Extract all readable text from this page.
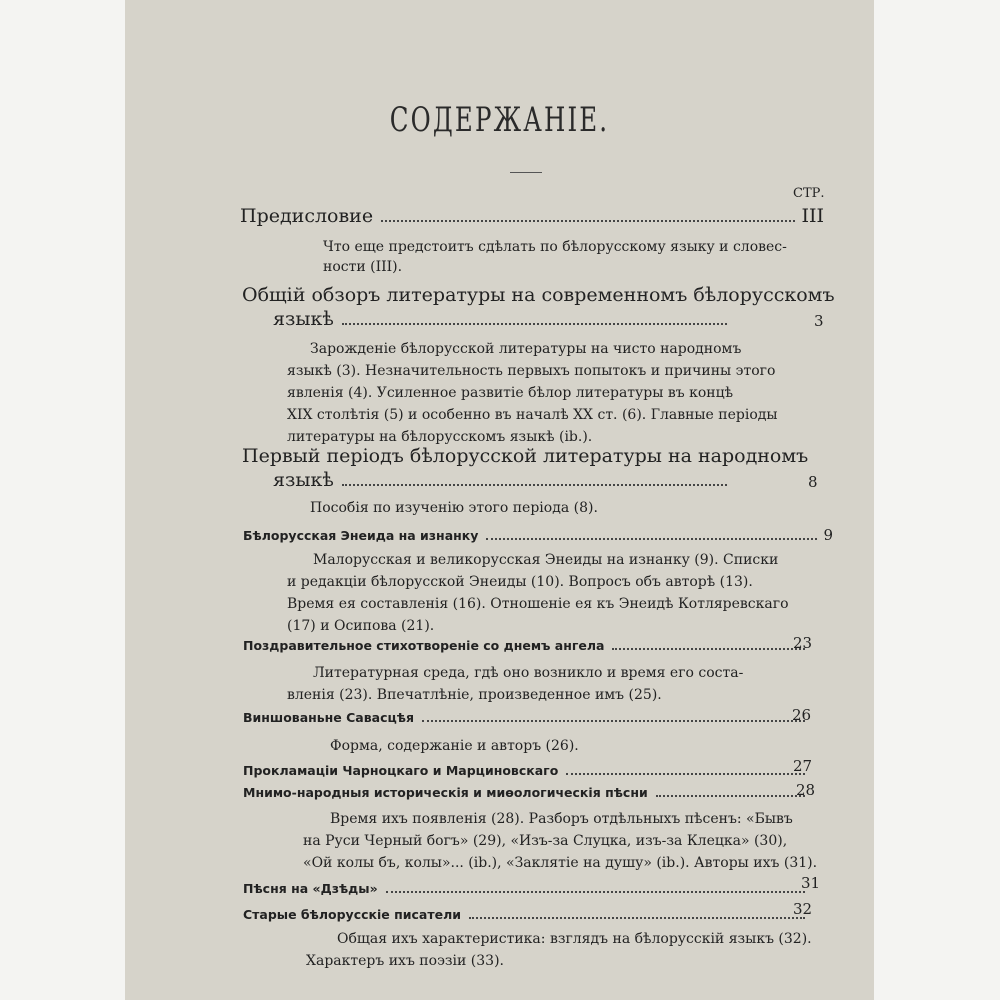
СОДЕРЖАНIЕ.
СТР.
Предисловие	III
Что еще предстоитъ сдѣлать по бѣлорусскому языку и словес-
ности (III).
Общiй обзоръ литературы на современномъ бѣлорусскомъ
языкѣ	3
Зарожденiе бѣлорусской литературы на чисто народномъ
языкѣ (3). Незначительность первыхъ попытокъ и причины этого
явленiя (4). Усиленное развитiе бѣлор литературы въ концѣ
XIX столѣтiя (5) и особенно въ началѣ XX ст. (6). Главные перiоды
литературы на бѣлорусскомъ языкѣ (ib.).
Первый перiодъ бѣлорусской литературы на народномъ
языкѣ	8
Пособiя по изученiю этого перiода (8).
Бѣлорусская Энеида на изнанку	9
Малорусская и великорусская Энеиды на изнанку (9). Списки
и редакцiи бѣлорусской Энеиды (10). Вопросъ объ авторѣ (13).
Время ея составленiя (16). Отношенiе ея къ Энеидѣ Котляревскаго
(17) и Осипова (21).
Поздравительное стихотворенiе со днемъ ангела	23
Литературная среда, гдѣ оно возникло и время его соста-
вленiя (23). Впечатлѣнiе, произведенное имъ (25).
Виншованьне Савасцѣя	26
Форма, содержанiе и авторъ (26).
Прокламацiи Чарноцкаго и Марциновскаго	27
Мнимо-народныя историческiя и миѳологическiя пѣсни	28
Время ихъ появленiя (28). Разборъ отдѣльныхъ пѣсенъ: «Бывъ
на Руси Черный богъ» (29), «Изъ-за Слуцка, изъ-за Клецка» (30),
«Ой колы бъ, колы»... (ib.), «Заклятiе на душу» (ib.). Авторы ихъ (31).
Пѣсня на «Дзѣды»	31
Старые бѣлорусскiе писатели	32
Общая ихъ характеристика: взглядъ на бѣлорусскiй языкъ (32).
Характеръ ихъ поэзiи (33).
